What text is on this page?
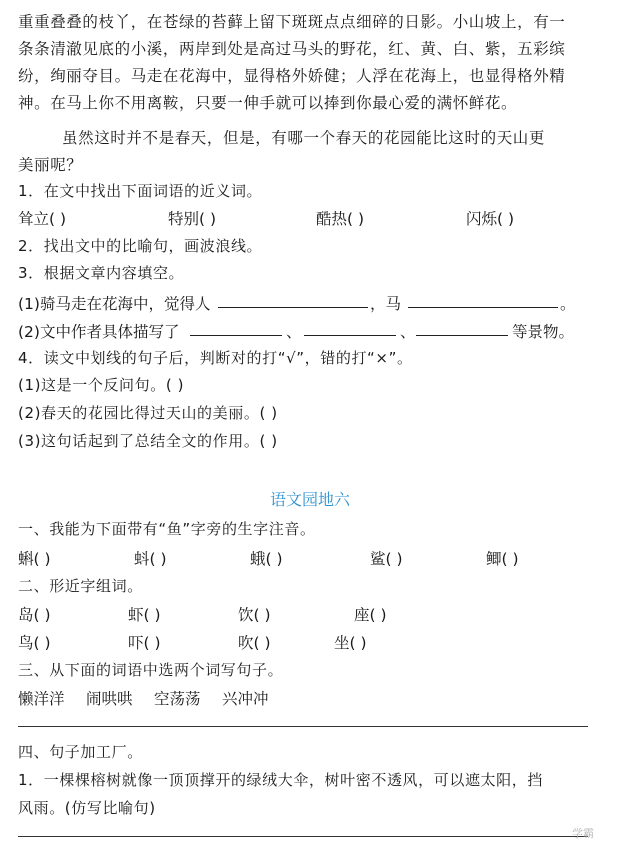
重重叠叠的枝丫，在苍绿的苔藓上留下斑斑点点细碎的日影。小山坡上，有一
条条清澈见底的小溪，两岸到处是高过马头的野花，红、黄、白、紫，五彩缤
纷，绚丽夺目。马走在花海中，显得格外娇健；人浮在花海上，也显得格外精
神。在马上你不用离鞍，只要一伸手就可以捧到你最心爱的满怀鲜花。
虽然这时并不是春天，但是，有哪一个春天的花园能比这时的天山更
美丽呢？
1．在文中找出下面词语的近义词。
耸立( )	特别( )	酷热( )	闪烁( )
2．找出文中的比喻句，画波浪线。
3．根据文章内容填空。
(1)骑马走在花海中，觉得人	，马	。
(2)文中作者具体描写了	、	、	等景物。
4．读文中划线的句子后，判断对的打“√”，错的打“×”。
(1)这是一个反问句。( )
(2)春天的花园比得过天山的美丽。( )
(3)这句话起到了总结全文的作用。( )
语文园地六
一、我能为下面带有“鱼”字旁的生字注音。
蝌( )	蚪( )	蛾( )	鲨( )	鲫( )
二、形近字组词。
岛( )	虾( )	饮( )	座( )
鸟( )	吓( )	吹( )	坐( )
三、从下面的词语中选两个词写句子。
懒洋洋 闹哄哄 空荡荡 兴冲冲
四、句子加工厂。
1．一棵棵榕树就像一顶顶撑开的绿绒大伞，树叶密不透风，可以遮太阳，挡
风雨。(仿写比喻句)
学霸
